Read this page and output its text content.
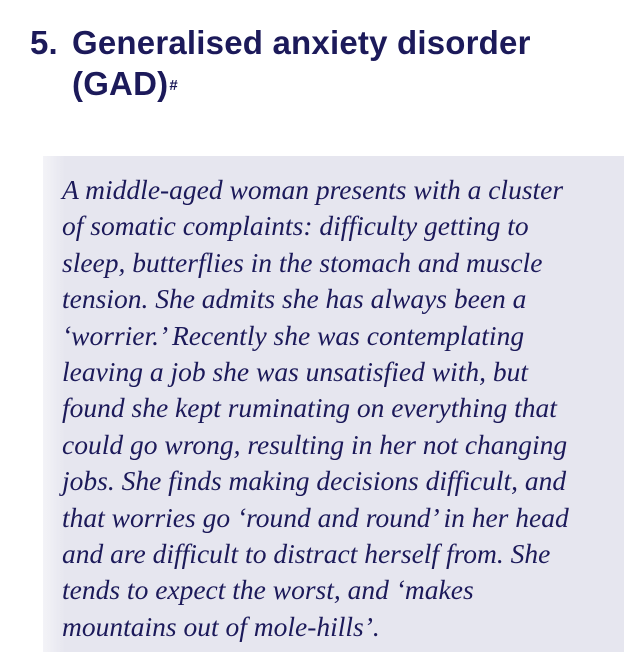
5. Generalised anxiety disorder
(GAD)#

A middle-aged woman presents with a cluster
of somatic complaints: difficulty getting to
sleep, butterflies in the stomach and muscle
tension. She admits she has always been a
‘worrier.’ Recently she was contemplating
leaving a job she was unsatisfied with, but
found she kept ruminating on everything that
could go wrong, resulting in her not changing
jobs. She finds making decisions difficult, and
that worries go ‘round and round’ in her head
and are difficult to distract herself from. She
tends to expect the worst, and ‘makes
mountains out of mole-hills’.
